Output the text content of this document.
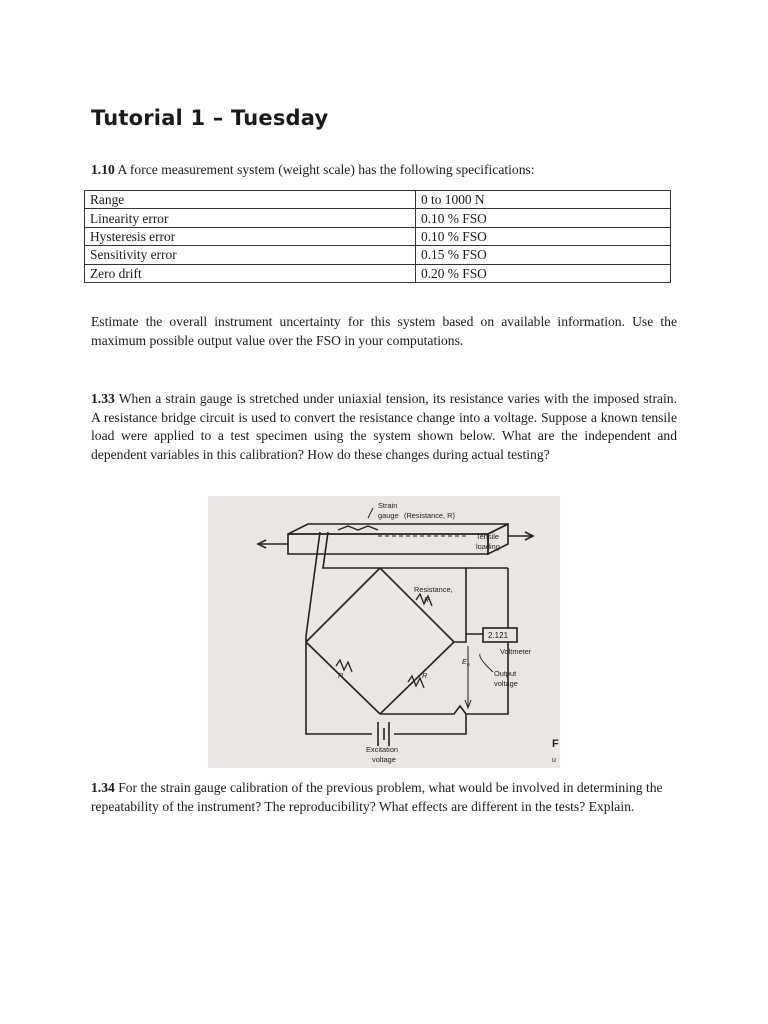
Tutorial 1 – Tuesday
1.10 A force measurement system (weight scale) has the following specifications:
Range	0 to 1000 N
Linearity error	0.10 % FSO
Hysteresis error	0.10 % FSO
Sensitivity error	0.15 % FSO
Zero drift	0.20 % FSO
Estimate the overall instrument uncertainty for this system based on available information. Use the maximum possible output value over the FSO in your computations.
1.33 When a strain gauge is stretched under uniaxial tension, its resistance varies with the imposed strain. A resistance bridge circuit is used to convert the resistance change into a voltage. Suppose a known tensile load were applied to a test specimen using the system shown below. What are the independent and dependent variables in this calibration? How do these changes during actual testing?
Strain
gauge (Resistance, R)
Tensile
loading
Resistance,
R
R	R
2.121
Voltmeter
E o
Output
voltage
Excitation
voltage
F
u
1.34 For the strain gauge calibration of the previous problem, what would be involved in determining the repeatability of the instrument? The reproducibility? What effects are different in the tests? Explain.
